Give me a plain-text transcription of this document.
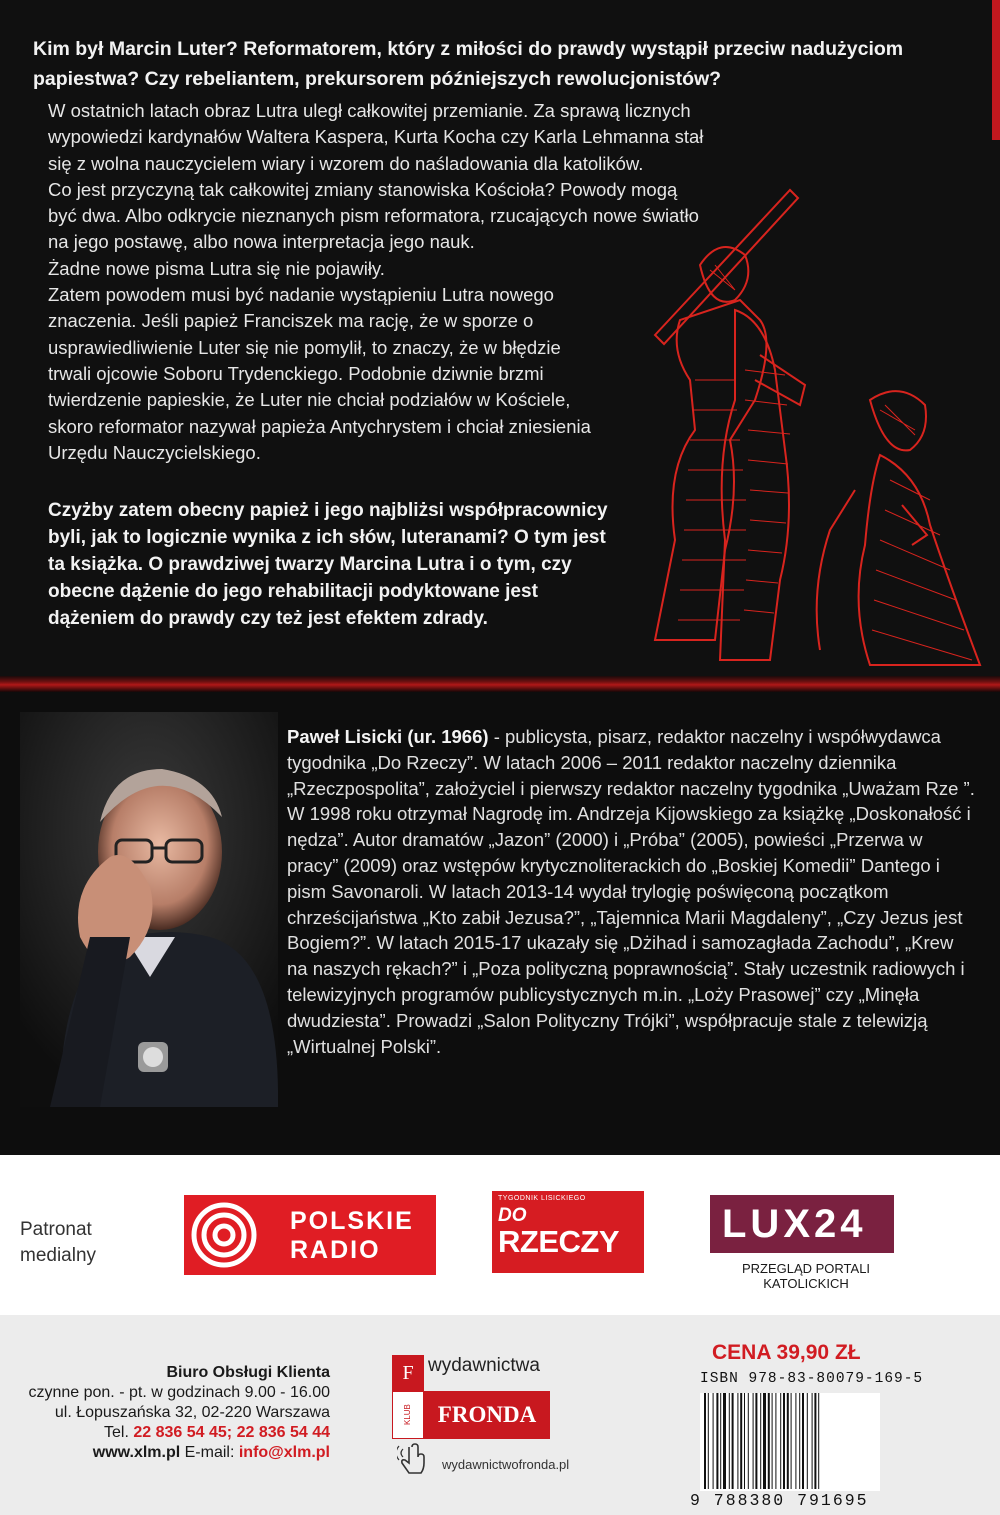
Kim był Marcin Luter? Reformatorem, który z miłości do prawdy wystąpił przeciw nadużyciom papiestwa? Czy rebeliantem, prekursorem późniejszych rewolucjonistów?

W ostatnich latach obraz Lutra uległ całkowitej przemianie. Za sprawą licznych wypowiedzi kardynałów Waltera Kaspera, Kurta Kocha czy Karla Lehmanna stał się z wolna nauczycielem wiary i wzorem do naśladowania dla katolików.

Co jest przyczyną tak całkowitej zmiany stanowiska Kościoła? Powody mogą być dwa. Albo odkrycie nieznanych pism reformatora, rzucających nowe światło na jego postawę, albo nowa interpretacja jego nauk.

Żadne nowe pisma Lutra się nie pojawiły.

Zatem powodem musi być nadanie wystąpieniu Lutra nowego znaczenia. Jeśli papież Franciszek ma rację, że w sporze o usprawiedliwienie Luter się nie pomylił, to znaczy, że w błędzie trwali ojcowie Soboru Trydenckiego. Podobnie dziwnie brzmi twierdzenie papieskie, że Luter nie chciał podziałów w Kościele, skoro reformator nazywał papieża Antychrystem i chciał zniesienia Urzędu Nauczycielskiego.

Czyżby zatem obecny papież i jego najbliżsi współpracownicy byli, jak to logicznie wynika z ich słów, luteranami? O tym jest ta książka. O prawdziwej twarzy Marcina Lutra i o tym, czy obecne dążenie do jego rehabilitacji podyktowane jest dążeniem do prawdy czy też jest efektem zdrady.
Paweł Lisicki (ur. 1966) - publicysta, pisarz, redaktor naczelny i współwydawca tygodnika „Do Rzeczy”. W latach 2006 – 2011 redaktor naczelny dziennika „Rzeczpospolita”, założyciel i pierwszy redaktor naczelny tygodnika „Uważam Rze ”. W 1998 roku otrzymał Nagrodę im. Andrzeja Kijowskiego za książkę „Doskonałość i nędza”. Autor dramatów „Jazon” (2000) i „Próba” (2005), powieści „Przerwa w pracy” (2009) oraz wstępów krytycznoliterackich do „Boskiej Komedii” Dantego i pism Savonaroli. W latach 2013-14 wydał trylogię poświęconą początkom chrześcijaństwa „Kto zabił Jezusa?”, „Tajemnica Marii Magdaleny”, „Czy Jezus jest Bogiem?”. W latach 2015-17 ukazały się „Dżihad i samozagłada Zachodu”, „Krew na naszych rękach?” i „Poza polityczną poprawnością”. Stały uczestnik radiowych i telewizyjnych programów publicystycznych m.in. „Loży Prasowej” czy „Minęła dwudziesta”. Prowadzi „Salon Polityczny Trójki”, współpracuje stale z telewizją „Wirtualnej Polski”.
Patronat
medialny
POLSKIE
RADIO
TYGODNIK LISICKIEGO
DO
RZECZY	LUX24
PRZEGLĄD PORTALI KATOLICKICH
Biuro Obsługi Klienta
czynne pon. - pt. w godzinach 9.00 - 16.00
ul. Łopuszańska 32, 02-220 Warszawa
Tel. 22 836 54 45; 22 836 54 44
www.xlm.pl E-mail: info@xlm.pl
F
KLUB
wydawnictwa
FRONDA
wydawnictwofronda.pl
CENA 39,90 ZŁ
ISBN 978-83-80079-169-5
9 788380 791695
